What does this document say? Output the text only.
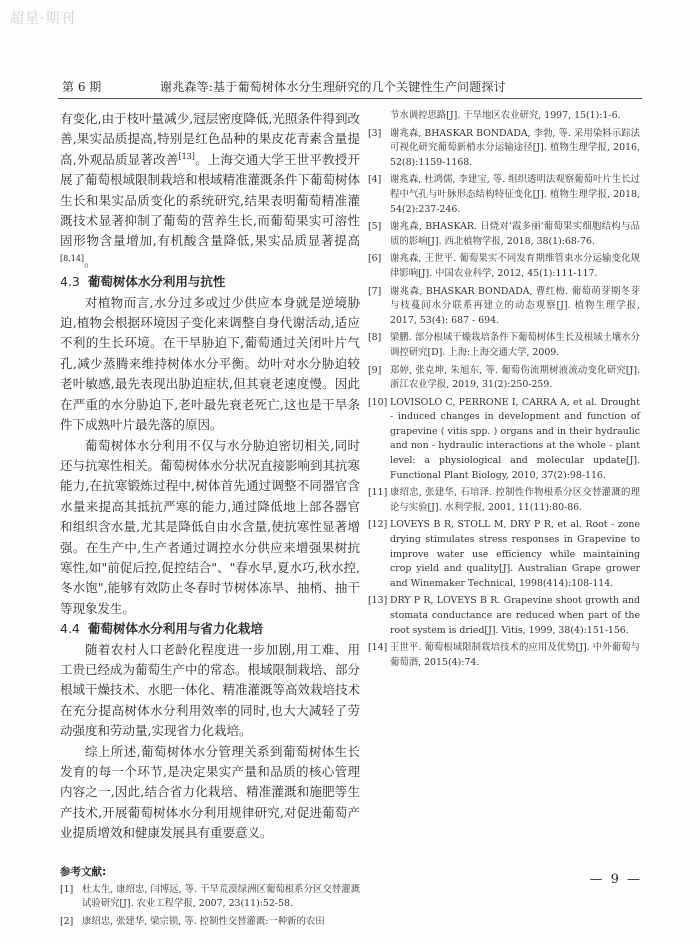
超星·期刊
第 6 期	谢兆森等:基于葡萄树体水分生理研究的几个关键性生产问题探讨

有变化,由于枝叶量减少,冠层密度降低,光照条件得到改善,果实品质提高,特别是红色品种的果皮花青素含量提高,外观品质显著改善[13]。上海交通大学王世平教授开展了葡萄根域限制栽培和根域精准灌溉条件下葡萄树体生长和果实品质变化的系统研究,结果表明葡萄精准灌溉技术显著抑制了葡萄的营养生长,而葡萄果实可溶性固形物含量增加,有机酸含量降低,果实品质显著提高[8,14]。

4.3 葡萄树体水分利用与抗性

对植物而言,水分过多或过少供应本身就是逆境胁迫,植物会根据环境因子变化来调整自身代谢活动,适应不利的生长环境。在干旱胁迫下,葡萄通过关闭叶片气孔,减少蒸腾来维持树体水分平衡。幼叶对水分胁迫较老叶敏感,最先表现出胁迫症状,但其衰老速度慢。因此在严重的水分胁迫下,老叶最先衰老死亡,这也是干旱条件下成熟叶片最先落的原因。

葡萄树体水分利用不仅与水分胁迫密切相关,同时还与抗寒性相关。葡萄树体水分状况直接影响到其抗寒能力,在抗寒锻炼过程中,树体首先通过调整不同器官含水量来提高其抵抗严寒的能力,通过降低地上部各器官和组织含水量,尤其是降低自由水含量,使抗寒性显著增强。在生产中,生产者通过调控水分供应来增强果树抗寒性,如"前促后控,促控结合"、"春水早,夏水巧,秋水控,冬水饱",能够有效防止冬春时节树体冻旱、抽梢、抽干等现象发生。

4.4 葡萄树体水分利用与省力化栽培

随着农村人口老龄化程度进一步加剧,用工难、用工贵已经成为葡萄生产中的常态。根域限制栽培、部分根域干燥技术、水肥一体化、精准灌溉等高效栽培技术在充分提高树体水分利用效率的同时,也大大减轻了劳动强度和劳动量,实现省力化栽培。

综上所述,葡萄树体水分管理关系到葡萄树体生长发育的每一个环节,是决定果实产量和品质的核心管理内容之一,因此,结合省力化栽培、精准灌溉和施肥等生产技术,开展葡萄树体水分利用规律研究,对促进葡萄产业提质增效和健康发展具有重要意义。

参考文献:
[1] 杜太生, 康绍忠, 闫博远, 等. 干旱荒漠绿洲区葡萄根系分区交替灌溉试验研究[J]. 农业工程学报, 2007, 23(11):52-58.
[2] 康绍忠, 张建华, 梁宗锁, 等. 控制性交替灌溉:一种新的农田
节水调控思路[J]. 干旱地区农业研究, 1997, 15(1):1-6.
[3] 谢兆森, BHASKAR BONDADA, 李勃, 等. 采用染料示踪法可视化研究葡萄新梢水分运输途径[J]. 植物生理学报, 2016, 52(8):1159-1168.
[4] 谢兆森, 杜鸿儒, 李建宝, 等. 组织透明法观察葡萄叶片生长过程中气孔与叶脉形态结构特征变化[J]. 植物生理学报, 2018, 54(2):237-246.
[5] 谢兆森, BHASKAR. 日烧对'霞多丽'葡萄果实细胞结构与品质的影响[J]. 西北植物学报, 2018, 38(1):68-76.
[6] 谢兆森, 王世平. 葡萄果实不同发育期维管束水分运输变化规律影响[J]. 中国农业科学, 2012, 45(1):111-117.
[7] 谢兆森, BHASKAR BONDADA, 曹红梅. 葡萄萌芽期冬芽与枝蔓间水分联系再建立的动态观察[J]. 植物生理学报, 2017, 53(4): 687 - 694.
[8] 梁鹏. 部分根域干燥栽培条件下葡萄树体生长及根域土壤水分调控研究[D]. 上海:上海交通大学, 2009.
[9] 郑婷, 张克坤, 朱旭东, 等. 葡萄伤流期树液流动变化研究[J]. 浙江农业学报, 2019, 31(2):250-259.
[10] LOVISOLO C, PERRONE I, CARRA A, et al. Drought - induced changes in development and function of grapevine ( vitis spp. ) organs and in their hydraulic and non - hydraulic interactions at the whole - plant level: a physiological and molecular update[J]. Functional Plant Biology, 2010, 37(2):98-116.
[11] 康绍忠, 张建华, 石培泽. 控制性作物根系分区交替灌溉的理论与实验[J]. 水利学报, 2001, 11(11):80-86.
[12] LOVEYS B R, STOLL M, DRY P R, et al. Root - zone drying stimulates stress responses in Grapevine to improve water use efficiency while maintaining crop yield and quality[J]. Australian Grape grower and Winemaker Technical, 1998(414):108-114.
[13] DRY P R, LOVEYS B R. Grapevine shoot growth and stomata conductance are reduced when part of the root system is dried[J]. Vitis, 1999, 38(4):151-156.
[14] 王世平. 葡萄根域限制栽培技术的应用及优势[J]. 中外葡萄与葡萄酒, 2015(4):74.
— 9 —
